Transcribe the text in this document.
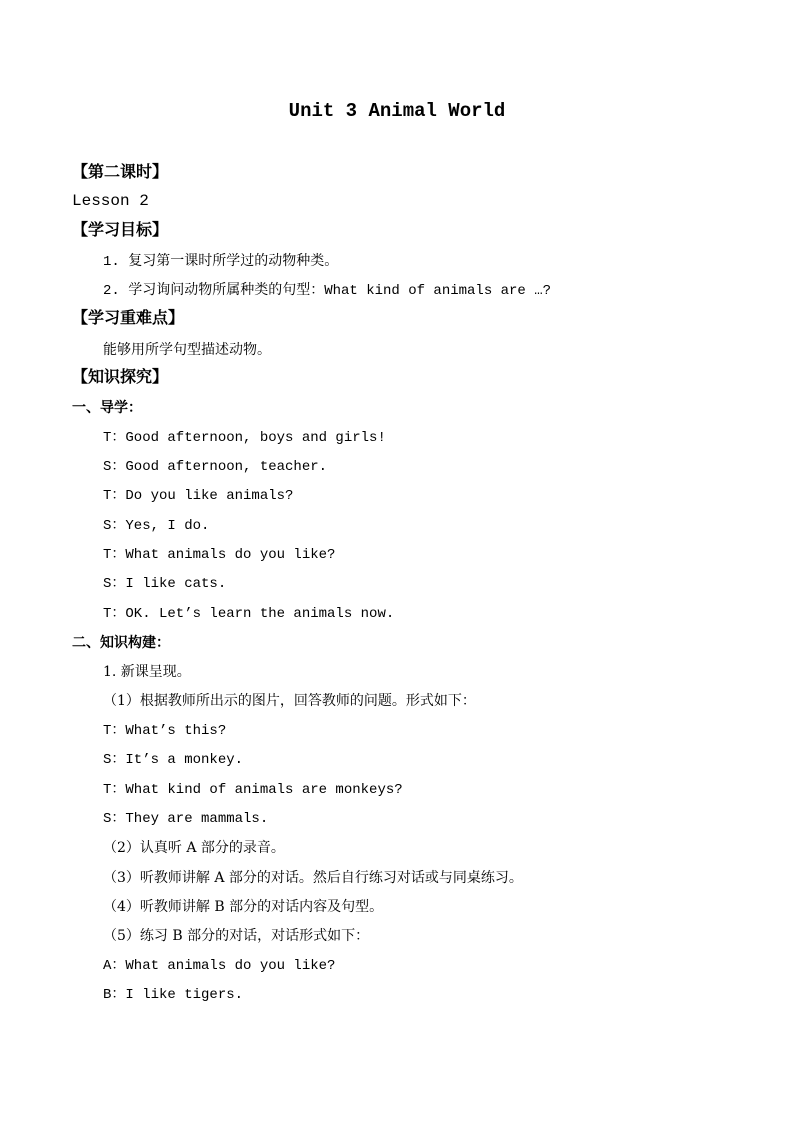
Unit 3 Animal World
【第二课时】
Lesson 2
【学习目标】
1. 复习第一课时所学过的动物种类。
2. 学习询问动物所属种类的句型：What kind of animals are …?
【学习重难点】
能够用所学句型描述动物。
【知识探究】
一、导学：
T：Good afternoon, boys and girls!
S：Good afternoon, teacher.
T：Do you like animals?
S：Yes, I do.
T：What animals do you like?
S：I like cats.
T：OK. Let’s learn the animals now.
二、知识构建：
1. 新课呈现。
（1）根据教师所出示的图片，回答教师的问题。形式如下：
T：What’s this?
S：It’s a monkey.
T：What kind of animals are monkeys?
S：They are mammals.
（2）认真听 A 部分的录音。
（3）听教师讲解 A 部分的对话。然后自行练习对话或与同桌练习。
（4）听教师讲解 B 部分的对话内容及句型。
（5）练习 B 部分的对话，对话形式如下：
A：What animals do you like?
B：I like tigers.
